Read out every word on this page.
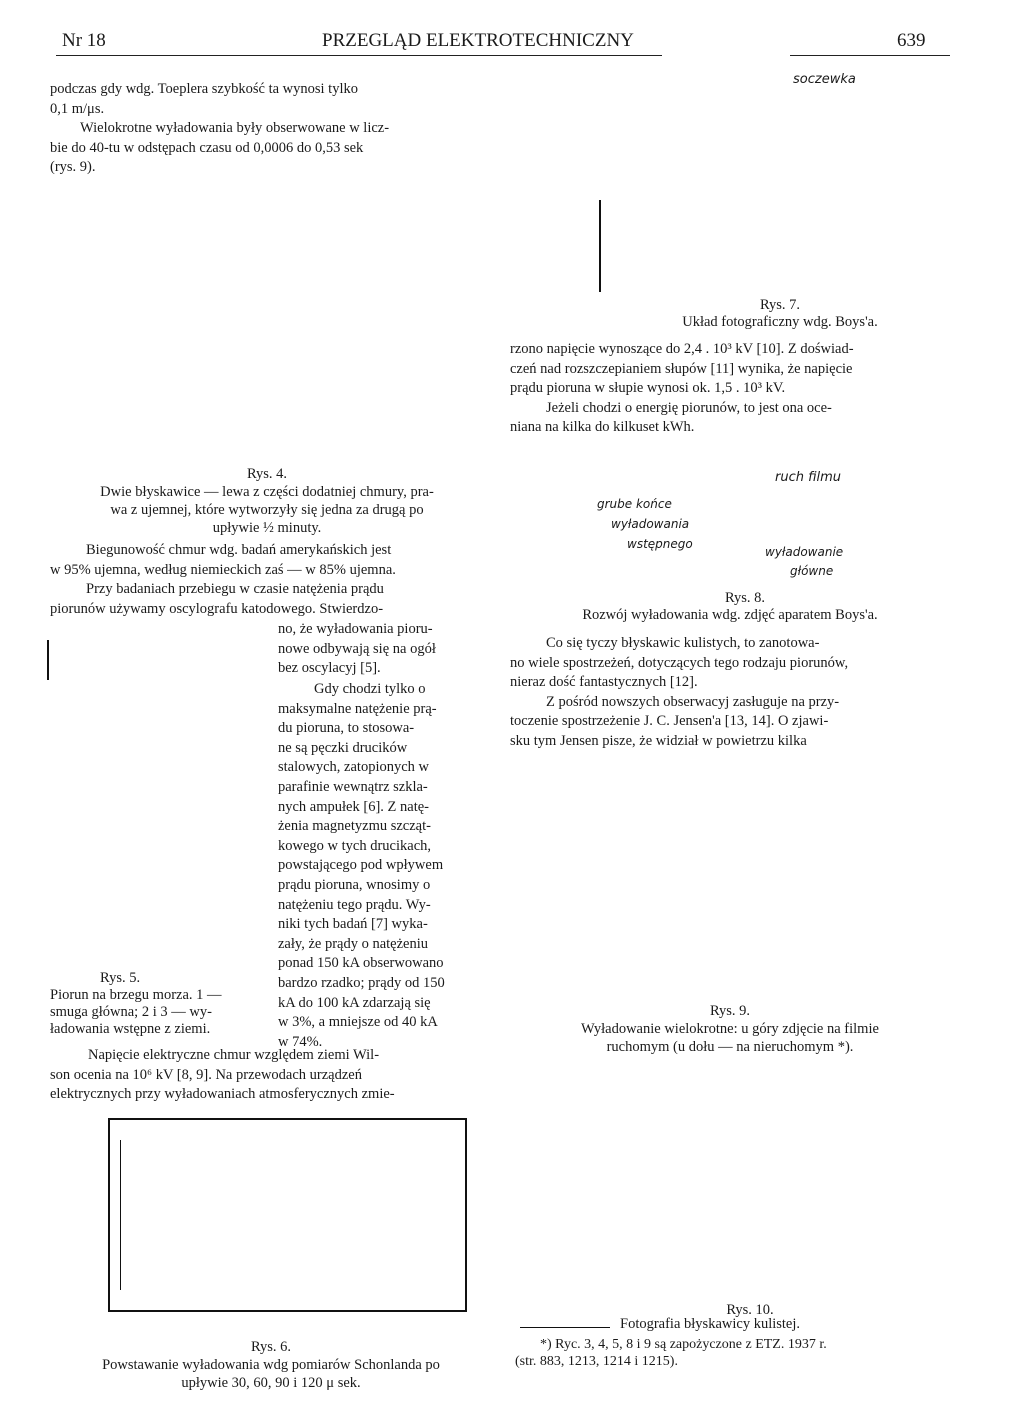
Nr 18	PRZEGLĄD ELEKTROTECHNICZNY	639
podczas gdy wdg. Toeplera szybkość ta wynosi tylko
0,1 m/μs.
Wielokrotne wyładowania były obserwowane w licz-
bie do 40-tu w odstępach czasu od 0,0006 do 0,53 sek
(rys. 9).
soczewka
Rys. 7.
Układ fotograficzny wdg. Boys'a.
rzono napięcie wynoszące do 2,4 . 10³ kV [10]. Z doświad-
czeń nad rozszczepianiem słupów [11] wynika, że napięcie
prądu pioruna w słupie wynosi ok. 1,5 . 10³ kV.
Jeżeli chodzi o energię piorunów, to jest ona oce-
niana na kilka do kilkuset kWh.
Rys. 4.
Dwie błyskawice — lewa z części dodatniej chmury, pra-
wa z ujemnej, które wytworzyły się jedna za drugą po
upływie ½ minuty.
Biegunowość chmur wdg. badań amerykańskich jest
w 95% ujemna, według niemieckich zaś — w 85% ujemna.
Przy badaniach przebiegu w czasie natężenia prądu
piorunów używamy oscylografu katodowego. Stwierdzo-
no, że wyładowania pioru-
nowe odbywają się na ogół
bez oscylacyj [5].
Gdy chodzi tylko o
maksymalne natężenie prą-
du pioruna, to stosowa-
ne są pęczki drucików
stalowych, zatopionych w
parafinie wewnątrz szkla-
nych ampułek [6]. Z natę-
żenia magnetyzmu szcząt-
kowego w tych drucikach,
powstającego pod wpływem
prądu pioruna, wnosimy o
natężeniu tego prądu. Wy-
niki tych badań [7] wyka-
zały, że prądy o natężeniu
ponad 150 kA obserwowano
bardzo rzadko; prądy od 150
kA do 100 kA zdarzają się
w 3%, a mniejsze od 40 kA
w 74%.
Rys. 5.
Piorun na brzegu morza. 1 —
smuga główna; 2 i 3 — wy-
ładowania wstępne z ziemi.
Napięcie elektryczne chmur względem ziemi Wil-
son ocenia na 10⁶ kV [8, 9]. Na przewodach urządzeń
elektrycznych przy wyładowaniach atmosferycznych zmie-
Rys. 6.
Powstawanie wyładowania wdg pomiarów Schonlanda po
upływie 30, 60, 90 i 120 μ sek.
ruch filmu
grube końce
wyładowania
wstępnego
wyładowanie
główne
Rys. 8.
Rozwój wyładowania wdg. zdjęć aparatem Boys'a.
Co się tyczy błyskawic kulistych, to zanotowa-
no wiele spostrzeżeń, dotyczących tego rodzaju piorunów,
nieraz dość fantastycznych [12].
Z pośród nowszych obserwacyj zasługuje na przy-
toczenie spostrzeżenie J. C. Jensen'a [13, 14]. O zjawi-
sku tym Jensen pisze, że widział w powietrzu kilka
Rys. 9.
Wyładowanie wielokrotne: u góry zdjęcie na filmie
ruchomym (u dołu — na nieruchomym *).
Rys. 10.
Fotografia błyskawicy kulistej.
*) Ryc. 3, 4, 5, 8 i 9 są zapożyczone z ETZ. 1937 r.
(str. 883, 1213, 1214 i 1215).
